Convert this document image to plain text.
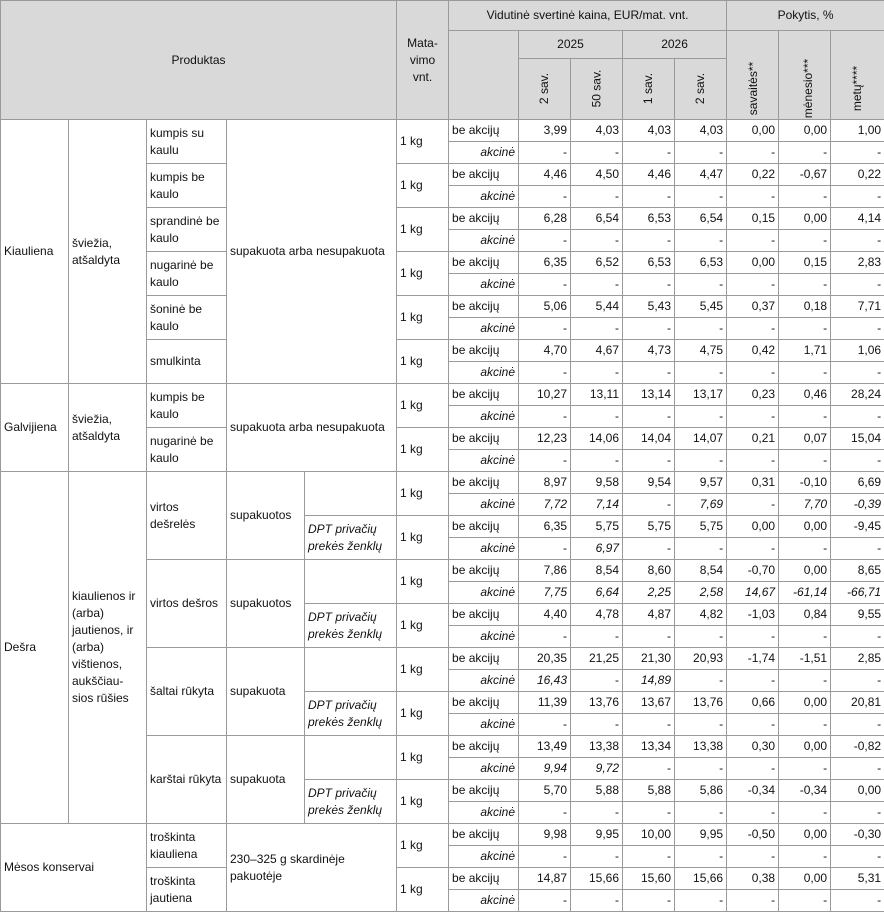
Produktas					Mata-vimo vnt.	Vidutinė svertinė kaina, EUR/mat. vnt.					Pokytis, %		
							2025		2026		savaitės**	mėnesio***	metų****
							2 sav.	50 sav.	1 sav.	2 sav.			
Kiauliena	šviežia, atšaldyta	kumpis su kaulu	supakuota arba nesupakuota		1 kg	be akcijų	3,99	4,03	4,03	4,03	0,00	0,00	1,00
						akcinė	-	-	-	-	-	-	-
		kumpis be kaulo			1 kg	be akcijų	4,46	4,50	4,46	4,47	0,22	-0,67	0,22
						akcinė	-	-	-	-	-	-	-
		sprandinė be kaulo			1 kg	be akcijų	6,28	6,54	6,53	6,54	0,15	0,00	4,14
						akcinė	-	-	-	-	-	-	-
		nugarinė be kaulo			1 kg	be akcijų	6,35	6,52	6,53	6,53	0,00	0,15	2,83
						akcinė	-	-	-	-	-	-	-
		šoninė be kaulo			1 kg	be akcijų	5,06	5,44	5,43	5,45	0,37	0,18	7,71
						akcinė	-	-	-	-	-	-	-
		smulkinta			1 kg	be akcijų	4,70	4,67	4,73	4,75	0,42	1,71	1,06
						akcinė	-	-	-	-	-	-	-
Galvijiena	šviežia, atšaldyta	kumpis be kaulo	supakuota arba nesupakuota		1 kg	be akcijų	10,27	13,11	13,14	13,17	0,23	0,46	28,24
						akcinė	-	-	-	-	-	-	-
		nugarinė be kaulo			1 kg	be akcijų	12,23	14,06	14,04	14,07	0,21	0,07	15,04
						akcinė	-	-	-	-	-	-	-
Dešra	kiaulienos ir (arba) jautienos, ir (arba) vištienos, aukščiau-sios rūšies	virtos dešrelės	supakuotos		1 kg	be akcijų	8,97	9,58	9,54	9,57	0,31	-0,10	6,69
						akcinė	7,72	7,14	-	7,69	-	7,70	-0,39
				DPT privačių prekės ženklų	1 kg	be akcijų	6,35	5,75	5,75	5,75	0,00	0,00	-9,45
						akcinė	-	6,97	-	-	-	-	-
		virtos dešros	supakuotos		1 kg	be akcijų	7,86	8,54	8,60	8,54	-0,70	0,00	8,65
						akcinė	7,75	6,64	2,25	2,58	14,67	-61,14	-66,71
				DPT privačių prekės ženklų	1 kg	be akcijų	4,40	4,78	4,87	4,82	-1,03	0,84	9,55
						akcinė	-	-	-	-	-	-	-
		šaltai rūkyta	supakuota		1 kg	be akcijų	20,35	21,25	21,30	20,93	-1,74	-1,51	2,85
						akcinė	16,43	-	14,89	-	-	-	-
				DPT privačių prekės ženklų	1 kg	be akcijų	11,39	13,76	13,67	13,76	0,66	0,00	20,81
						akcinė	-	-	-	-	-	-	-
		karštai rūkyta	supakuota		1 kg	be akcijų	13,49	13,38	13,34	13,38	0,30	0,00	-0,82
						akcinė	9,94	9,72	-	-	-	-	-
				DPT privačių prekės ženklų	1 kg	be akcijų	5,70	5,88	5,88	5,86	-0,34	-0,34	0,00
						akcinė	-	-	-	-	-	-	-
Mėsos konservai		troškinta kiauliena	230–325 g skardinėje pakuotėje		1 kg	be akcijų	9,98	9,95	10,00	9,95	-0,50	0,00	-0,30
						akcinė	-	-	-	-	-	-	-
		troškinta jautiena			1 kg	be akcijų	14,87	15,66	15,60	15,66	0,38	0,00	5,31
						akcinė	-	-	-	-	-	-	-
